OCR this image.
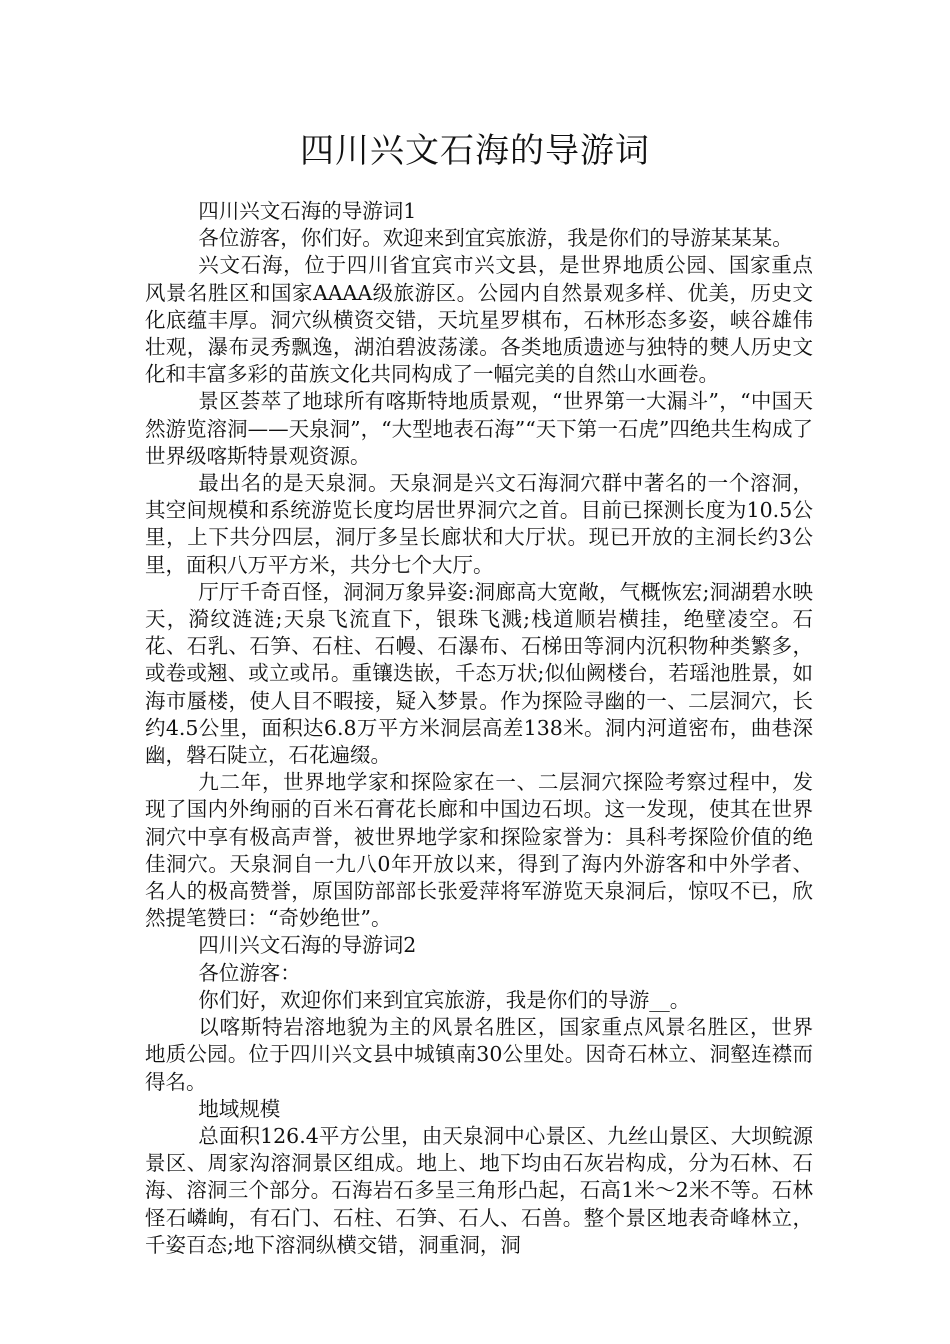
四川兴文石海的导游词

四川兴文石海的导游词1

各位游客，你们好。欢迎来到宜宾旅游，我是你们的导游某某某。

兴文石海，位于四川省宜宾市兴文县，是世界地质公园、国家重点风景名胜区和国家AAAA级旅游区。公园内自然景观多样、优美，历史文化底蕴丰厚。洞穴纵横资交错，天坑星罗棋布，石林形态多姿，峡谷雄伟壮观，瀑布灵秀飘逸，湖泊碧波荡漾。各类地质遗迹与独特的僰人历史文化和丰富多彩的苗族文化共同构成了一幅完美的自然山水画卷。

景区荟萃了地球所有喀斯特地质景观，“世界第一大漏斗”，“中国天然游览溶洞——天泉洞”，“大型地表石海”“天下第一石虎”四绝共生构成了世界级喀斯特景观资源。

最出名的是天泉洞。天泉洞是兴文石海洞穴群中著名的一个溶洞，其空间规模和系统游览长度均居世界洞穴之首。目前已探测长度为10.5公里，上下共分四层，洞厅多呈长廊状和大厅状。现已开放的主洞长约3公里，面积八万平方米，共分七个大厅。

厅厅千奇百怪，洞洞万象异姿:洞廊高大宽敞，气概恢宏;洞湖碧水映天，漪纹涟涟;天泉飞流直下，银珠飞溅;栈道顺岩横挂，绝壁凌空。石花、石乳、石笋、石柱、石幔、石瀑布、石梯田等洞内沉积物种类繁多，或卷或翘、或立或吊。重镶迭嵌，千态万状;似仙阙楼台，若瑶池胜景，如海市蜃楼，使人目不暇接，疑入梦景。作为探险寻幽的一、二层洞穴，长约4.5公里，面积达6.8万平方米洞层高差138米。洞内河道密布，曲巷深幽，磐石陡立，石花遍缀。

九二年，世界地学家和探险家在一、二层洞穴探险考察过程中，发现了国内外绚丽的百米石膏花长廊和中国边石坝。这一发现，使其在世界洞穴中享有极高声誉，被世界地学家和探险家誉为：具科考探险价值的绝佳洞穴。天泉洞自一九八0年开放以来，得到了海内外游客和中外学者、名人的极高赞誉，原国防部部长张爱萍将军游览天泉洞后，惊叹不已，欣然提笔赞曰：“奇妙绝世”。

四川兴文石海的导游词2

各位游客：

你们好，欢迎你们来到宜宾旅游，我是你们的导游__。

以喀斯特岩溶地貌为主的风景名胜区，国家重点风景名胜区，世界地质公园。位于四川兴文县中城镇南30公里处。因奇石林立、洞壑连襟而得名。

地域规模

总面积126.4平方公里，由天泉洞中心景区、九丝山景区、大坝鲩源景区、周家沟溶洞景区组成。地上、地下均由石灰岩构成，分为石林、石海、溶洞三个部分。石海岩石多呈三角形凸起，石高1米～2米不等。石林怪石嶙峋，有石门、石柱、石笋、石人、石兽。整个景区地表奇峰林立，千姿百态;地下溶洞纵横交错，洞重洞，洞
